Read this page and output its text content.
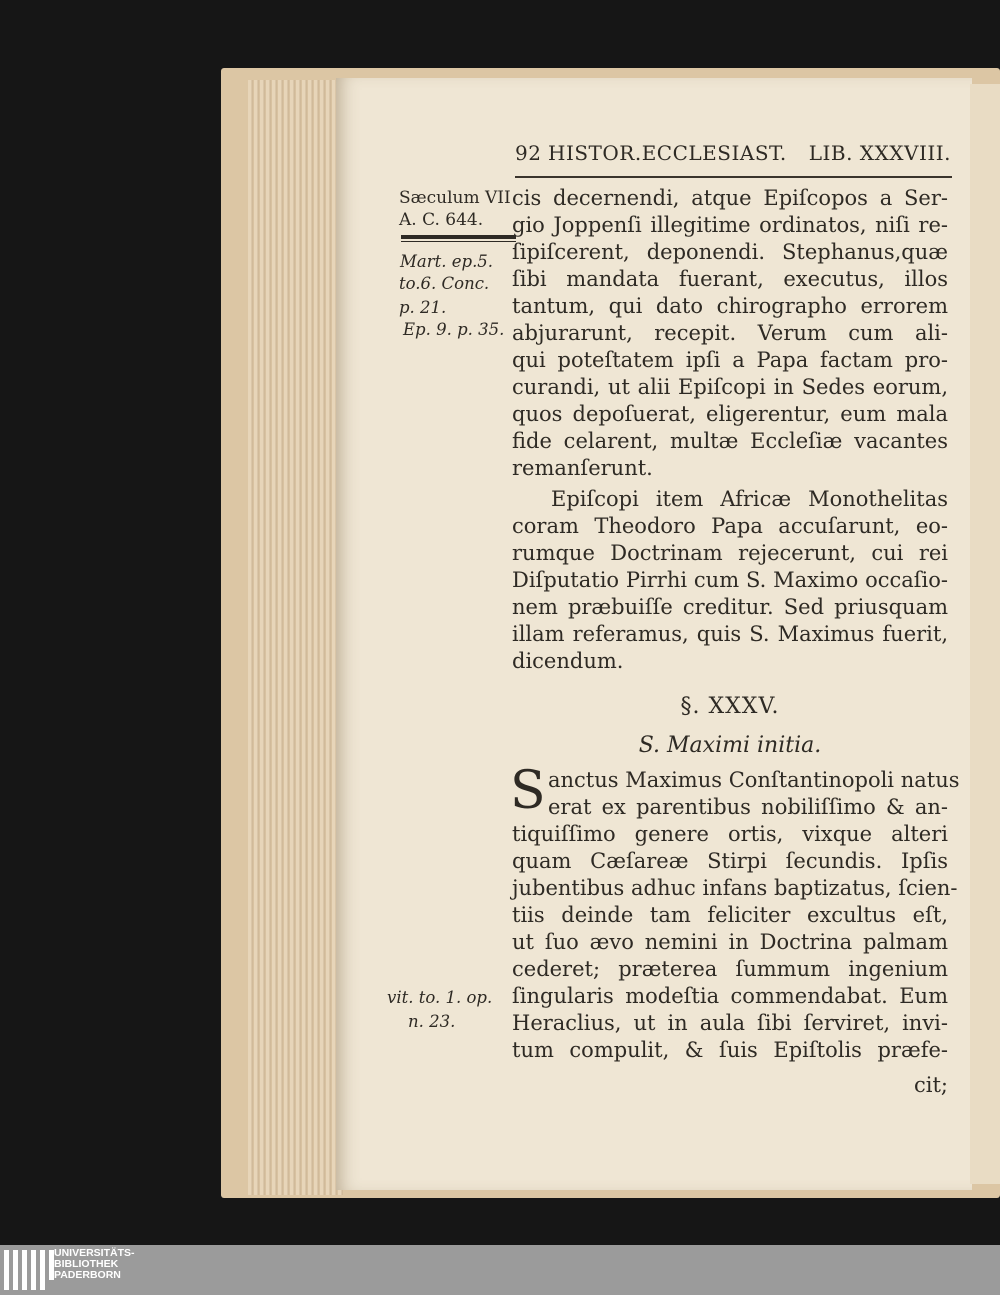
92 HISTOR.ECCLESIAST. LIB. XXXVIII.
Sæculum VII
A. C. 644.
Mart. ep.5.
to.6. Conc.
p. 21.
Ep. 9. p. 35.
vit. to. 1. op.
n. 23.
cis decernendi, atque Epiſcopos a Ser-
gio Joppenſi illegitime ordinatos, niſi re-
ſipiſcerent, deponendi. Stephanus,quæ
ſibi mandata fuerant, executus, illos
tantum, qui dato chirographo errorem
abjurarunt, recepit. Verum cum ali-
qui poteſtatem ipſi a Papa factam pro-
curandi, ut alii Epiſcopi in Sedes eorum,
quos depoſuerat, eligerentur, eum mala
fide celarent, multæ Eccleſiæ vacantes
remanſerunt.
Epiſcopi item Africæ Monothelitas
coram Theodoro Papa accuſarunt, eo-
rumque Doctrinam rejecerunt, cui rei
Diſputatio Pirrhi cum S. Maximo occaſio-
nem præbuiſſe creditur. Sed priusquam
illam referamus, quis S. Maximus fuerit,
dicendum.
§. XXXV.
S. Maximi initia.
S anctus Maximus Conſtantinopoli natus
erat ex parentibus nobiliſſimo & an-
tiquiſſimo genere ortis, vixque alteri
quam Cæſareæ Stirpi ſecundis. Ipſis
jubentibus adhuc infans baptizatus, ſcien-
tiis deinde tam feliciter excultus eſt,
ut ſuo ævo nemini in Doctrina palmam
cederet; præterea ſummum ingenium
ſingularis modeſtia commendabat. Eum
Heraclius, ut in aula ſibi ſerviret, invi-
tum compulit, & ſuis Epiſtolis præfe-
cit;
UNIVERSITÄTS-
BIBLIOTHEK
PADERBORN
